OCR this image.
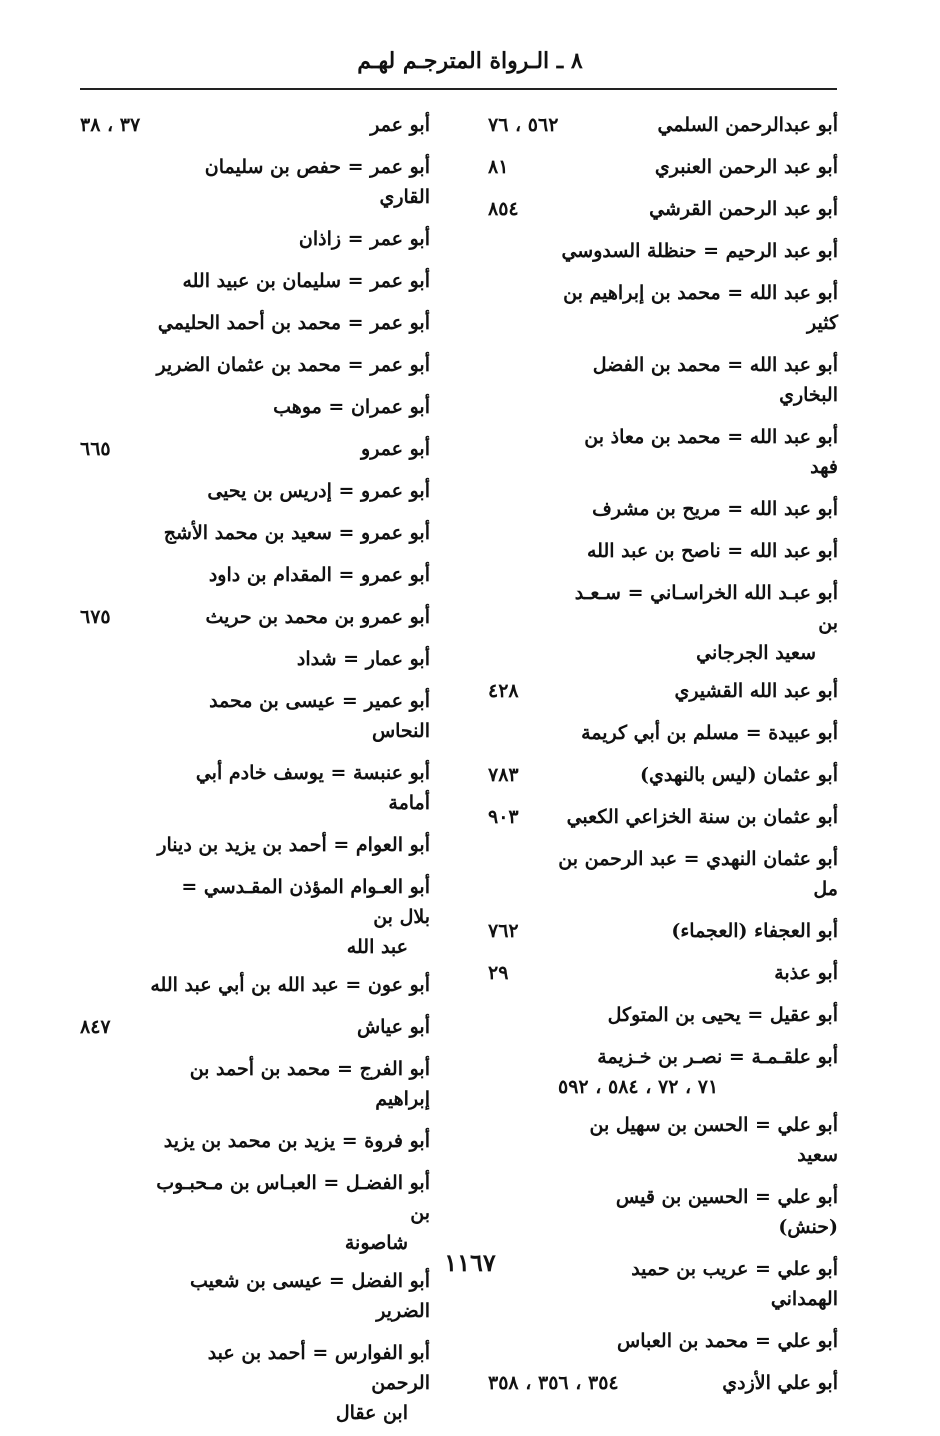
٨ ـ الـرواة المترجـم لهـم
أبو عبدالرحمن السلمي
٥٦٢ ، ٧٦
أبو عبد الرحمن العنبري
٨١
أبو عبد الرحمن القرشي
٨٥٤
أبو عبد الرحيم = حنظلة السدوسي
أبو عبد الله = محمد بن إبراهيم بن كثير
أبو عبد الله = محمد بن الفضل البخاري
أبو عبد الله = محمد بن معاذ بن فهد
أبو عبد الله = مريح بن مشرف
أبو عبد الله = ناصح بن عبد الله
أبو عبـد الله الخراسـاني = سـعـد بن
سعيد الجرجاني
أبو عبد الله القشيري
٤٢٨
أبو عبيدة = مسلم بن أبي كريمة
أبو عثمان (ليس بالنهدي)
٧٨٣
أبو عثمان بن سنة الخزاعي الكعبي
٩٠٣
أبو عثمان النهدي = عبد الرحمن بن مل
أبو العجفاء (العجماء)
٧٦٢
أبو عذبة
٢٩
أبو عقيل = يحيى بن المتوكل
أبو علقـمـة = نصـر بن خـزيمة
٧١ ، ٧٢ ، ٥٨٤ ، ٥٩٢
أبو علي = الحسن بن سهيل بن سعيد
أبو علي = الحسين بن قيس (حنش)
أبو علي = عريب بن حميد الهمداني
أبو علي = محمد بن العباس
أبو علي الأزدي
٣٥٤ ، ٣٥٦ ، ٣٥٨
أبو عمر
٣٧ ، ٣٨
أبو عمر = حفص بن سليمان القاري
أبو عمر = زاذان
أبو عمر = سليمان بن عبيد الله
أبو عمر = محمد بن أحمد الحليمي
أبو عمر = محمد بن عثمان الضرير
أبو عمران = موهب
أبو عمرو
٦٦٥
أبو عمرو = إدريس بن يحيى
أبو عمرو = سعيد بن محمد الأشج
أبو عمرو = المقدام بن داود
أبو عمرو بن محمد بن حريث
٦٧٥
أبو عمار = شداد
أبو عمير = عيسى بن محمد النحاس
أبو عنبسة = يوسف خادم أبي أمامة
أبو العوام = أحمد بن يزيد بن دينار
أبو العـوام المؤذن المقـدسي = بلال بن
عبد الله
أبو عون = عبد الله بن أبي عبد الله
أبو عياش
٨٤٧
أبو الفرج = محمد بن أحمد بن إبراهيم
أبو فروة = يزيد بن محمد بن يزيد
أبو الفضـل = العبـاس بن مـحبـوب بن
شاصونة
أبو الفضل = عيسى بن شعيب الضرير
أبو الفوارس = أحمد بن عبد الرحمن
ابن عقال
١١٦٧
